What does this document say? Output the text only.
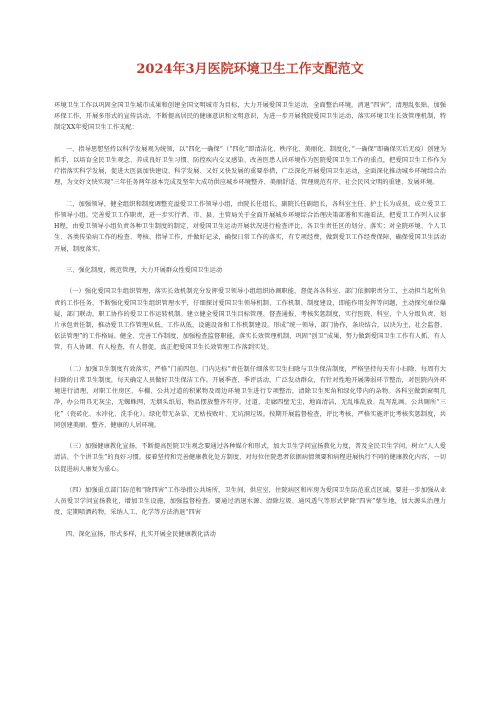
2024年3月医院环境卫生工作支配范文

环境卫生工作以巩固全国卫生城市成果和创建全国文明城市为目标，大力开展爱国卫生运动，全面整治环境，消退“四害”，清理乱张贴，加强环保工作，开展多形式的宣传活动，不断提高居民的健康意识和文明意识，为进一步开展我院爱国卫生运动，落实环境卫生长效管理机制，特制定XX年爱国卫生工作支配：

一、指导思想坚持以科学发展观为统领，以“四化一确保”（“四化”即清洁化、秩序化、美丽化、制度化，”一确保”即确保实后无疫）创建为抓手，以培育全民卫生观念、养成良好卫生习惯、防控疾内交叉感染、改善医患人居环境作为医院爱国卫生工作的重点，把爱国卫生工作作为疗指落实科学发展，促进大医县加快建设、科学发展、又好又快发展的重要举措，广泛深化开展爱国卫生运动，全面深化推动城乡环境综合治理，为文好文快实现“三年任务两年基本完成及坚年大成功供应城乡环境整齐、美丽舒适、管理规范有序、社会民风文明的重建、发展环境。

二、加强领导，健全组织和制度调整充溢爱卫工作领导小组，由院长任组长，副院长任副组长，各科室主任、护士长为成员，成立爱卫工作领导小组。完善爱卫工作职责，进一步实行者、市、县、主管局关于全面开展城乡环境综合治理决策部署和实施看法，把爱卫工作列入议事H程，由爱卫领导小组负责各种卫生制度的制定，对爱国卫生运动开展状况进行检查评比，各卫生责任区的划分、落实；对全院环境、个人卫生、各类传染病工作的检查、考核、指导工作，并做好记录，确保日常工作的落实，有专项经费，做到爱卫工作经费保障，确保爱国卫生活动开展，制度落实。

三、强化制度，规范管理，大力开展群众性爱国卫生运动

（一）强化爱国卫生组织管理，落实长效机制充分发挥爱卫领导小组组织协调职能，督促各各科室、部门依据职责分工，主动担当起所负责的工作任务，不断强化爱国卫生组织管理水平，仔细探讨爱国卫生领导机制、工作机制、制度建设，即能作用发挥等问题，主动探究单位爆疑，部门联动，职工协作的爱卫工作运转机制。建立健全爱国卫生目标管理、督查通报、考核奖惩制度，实行医院、科室、个人分级负责、划片承包责任制，推动爱卫工作管理从低、工作从低，设施设备和工作机制建设。形成“统一领导，部门协作，条块结合，以块为主，社会监督、依法管理”的工作格局。健全、完善工作制度，加强检查监督职能，落实长效管理机制，巩固“创卫”成果，努力做到爱国卫生工作有人抓、有人管、有人协调、有人检查，有人督促，真正把爱国卫生长效管理工作落到实处。

（二）加强卫生制度有效落实，严格“门前四包、门内达标”责任制仔细落实卫生扫除与卫生保洁制度，严格坚持每天有小扫除、每周有大扫除的日常卫生制度，每天确定人员做好卫生保洁工作。开展季查、季评活动，广泛发动群众，有针对性地开展薄弱环节整治，对医院内外环境进行清理，对职工住房区、车棚、公共过道的积累物及周边环境卫生进行专项整治，清除卫生死角和绿化带内的杂物。各科室做到窗明几净，办公用具无灰尘，无蜘蛛网，无烟头纸屑，物品摆放整齐有序。过道、走廊四壁无尘，地面清洁，无乱堆乱放、乱写乱画。公共厕所“三化”（瓷砖化、水冲化、洗手化）。绿化带无杂草、无枯枝败叶、无坑洞垃圾。按期开展监督检查，评比考核，严格实施评比考核奖惩制度，共同创建美丽、整齐、健康的人居环境。

（三）加强健康教化宣扬，不断提高医院卫生观念要通过各种媒介和形式，加大卫生学问宣扬教化力度，普及全民卫生学问，树立“人人爱清洁、个个讲卫生”的良好习惯。接着坚持和完善健康教化处方制度，对每位住院患者依据病情须要和病程进展执行不同的健康教化内容，一切以促进病人康复为重心。

（四）加强重点部门防范和“除四害”工作举措公共场所，卫生间，供应室，住院病区和库房为爱国卫生防范重点区域。要进一步加强从业人员爱卫学问宣扬教化，增加卫生设施，加强监督检查。要通过消退水源、清除垃圾、通风透气等形式铲除“四害”孳生地，加大源头治理力度，定期喷洒药物，采纳人工、化学等方法消退“四害

四、深化宣扬，形式多样，扎实开展全民健康教化活动
